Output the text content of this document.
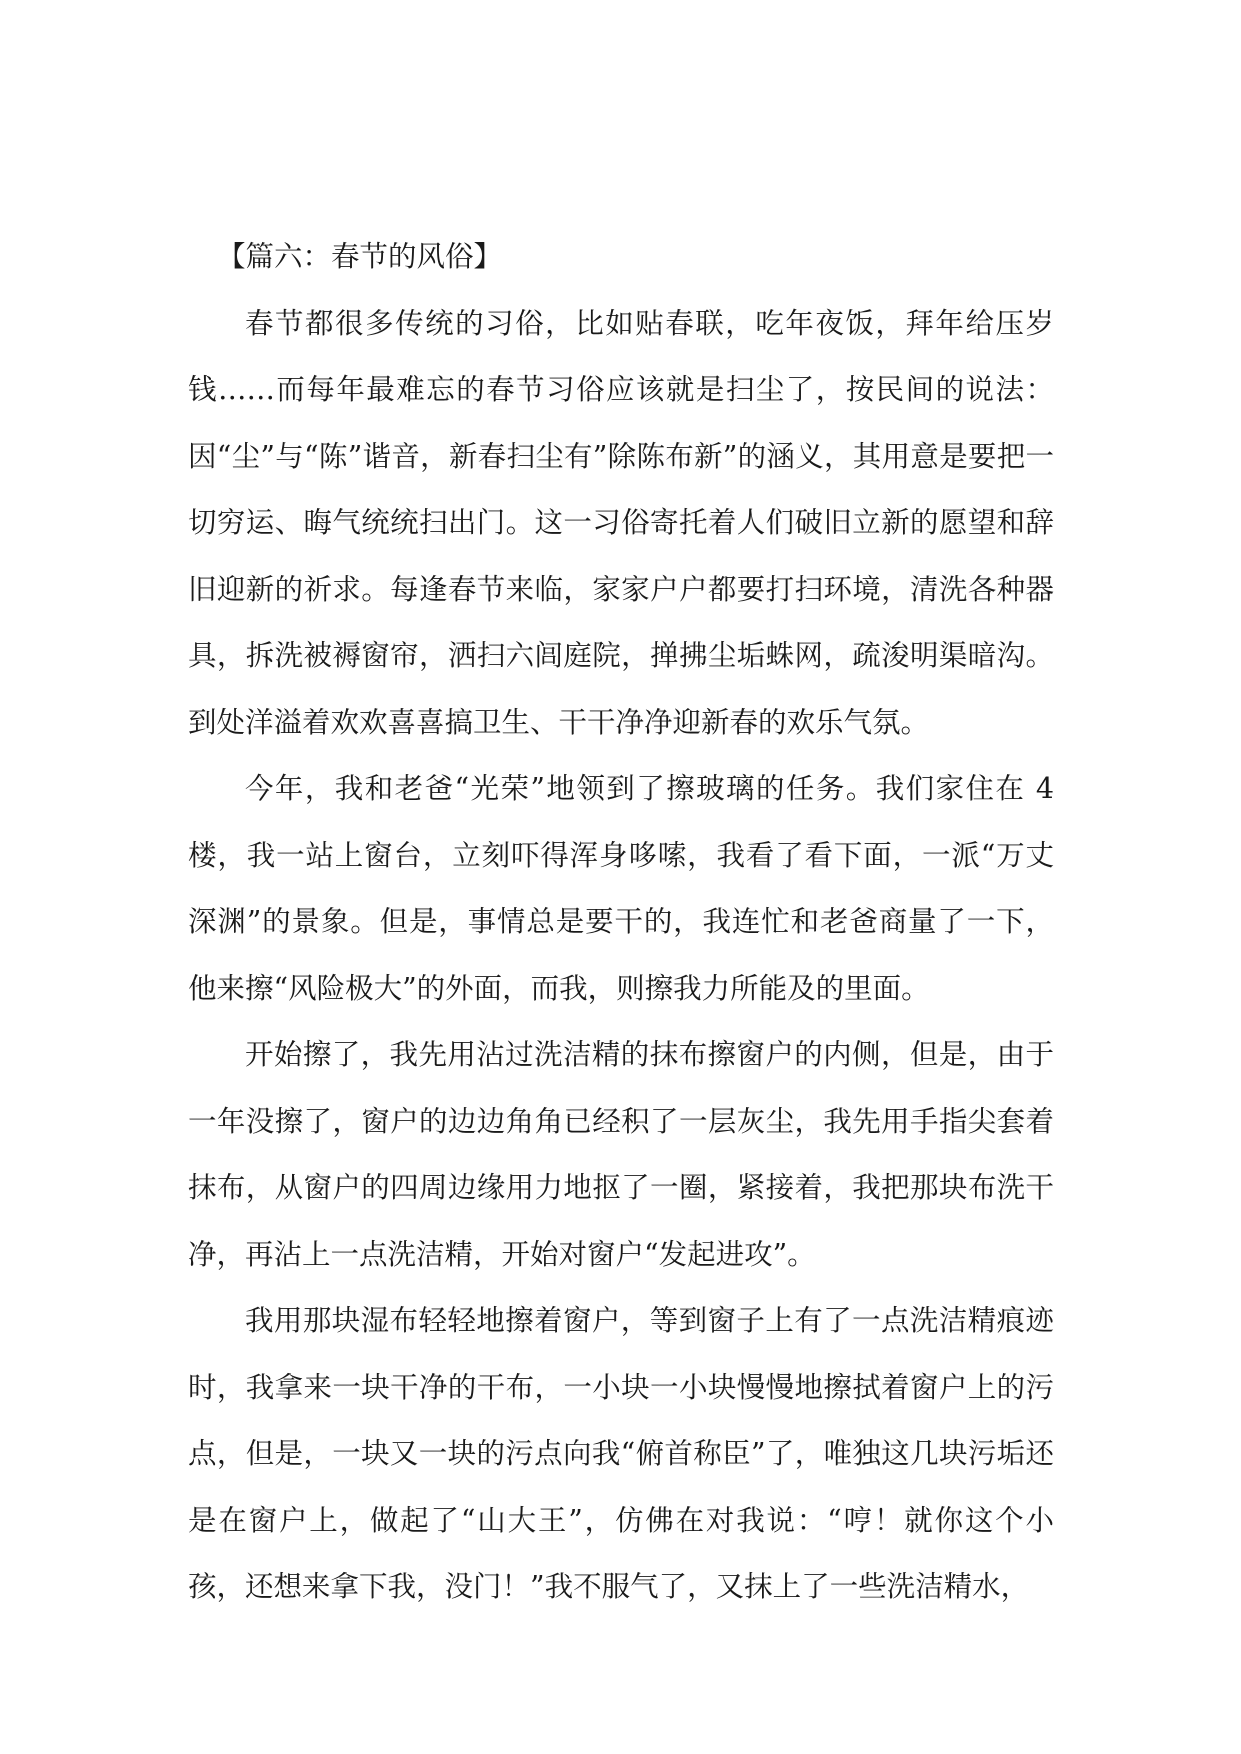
【篇六：春节的风俗】

春节都很多传统的习俗，比如贴春联，吃年夜饭，拜年给压岁钱……而每年最难忘的春节习俗应该就是扫尘了，按民间的说法：因“尘”与“陈”谐音，新春扫尘有”除陈布新”的涵义，其用意是要把一切穷运、晦气统统扫出门。这一习俗寄托着人们破旧立新的愿望和辞旧迎新的祈求。每逢春节来临，家家户户都要打扫环境，清洗各种器具，拆洗被褥窗帘，洒扫六闾庭院，掸拂尘垢蛛网，疏浚明渠暗沟。到处洋溢着欢欢喜喜搞卫生、干干净净迎新春的欢乐气氛。

今年，我和老爸“光荣”地领到了擦玻璃的任务。我们家住在 4 楼，我一站上窗台，立刻吓得浑身哆嗦，我看了看下面，一派“万丈深渊”的景象。但是，事情总是要干的，我连忙和老爸商量了一下，他来擦“风险极大”的外面，而我，则擦我力所能及的里面。

开始擦了，我先用沾过洗洁精的抹布擦窗户的内侧，但是，由于一年没擦了，窗户的边边角角已经积了一层灰尘，我先用手指尖套着抹布，从窗户的四周边缘用力地抠了一圈，紧接着，我把那块布洗干净，再沾上一点洗洁精，开始对窗户“发起进攻”。

我用那块湿布轻轻地擦着窗户，等到窗子上有了一点洗洁精痕迹时，我拿来一块干净的干布，一小块一小块慢慢地擦拭着窗户上的污点，但是，一块又一块的污点向我“俯首称臣”了，唯独这几块污垢还是在窗户上，做起了“山大王”，仿佛在对我说：“哼！就你这个小孩，还想来拿下我，没门！”我不服气了，又抹上了一些洗洁精水，
